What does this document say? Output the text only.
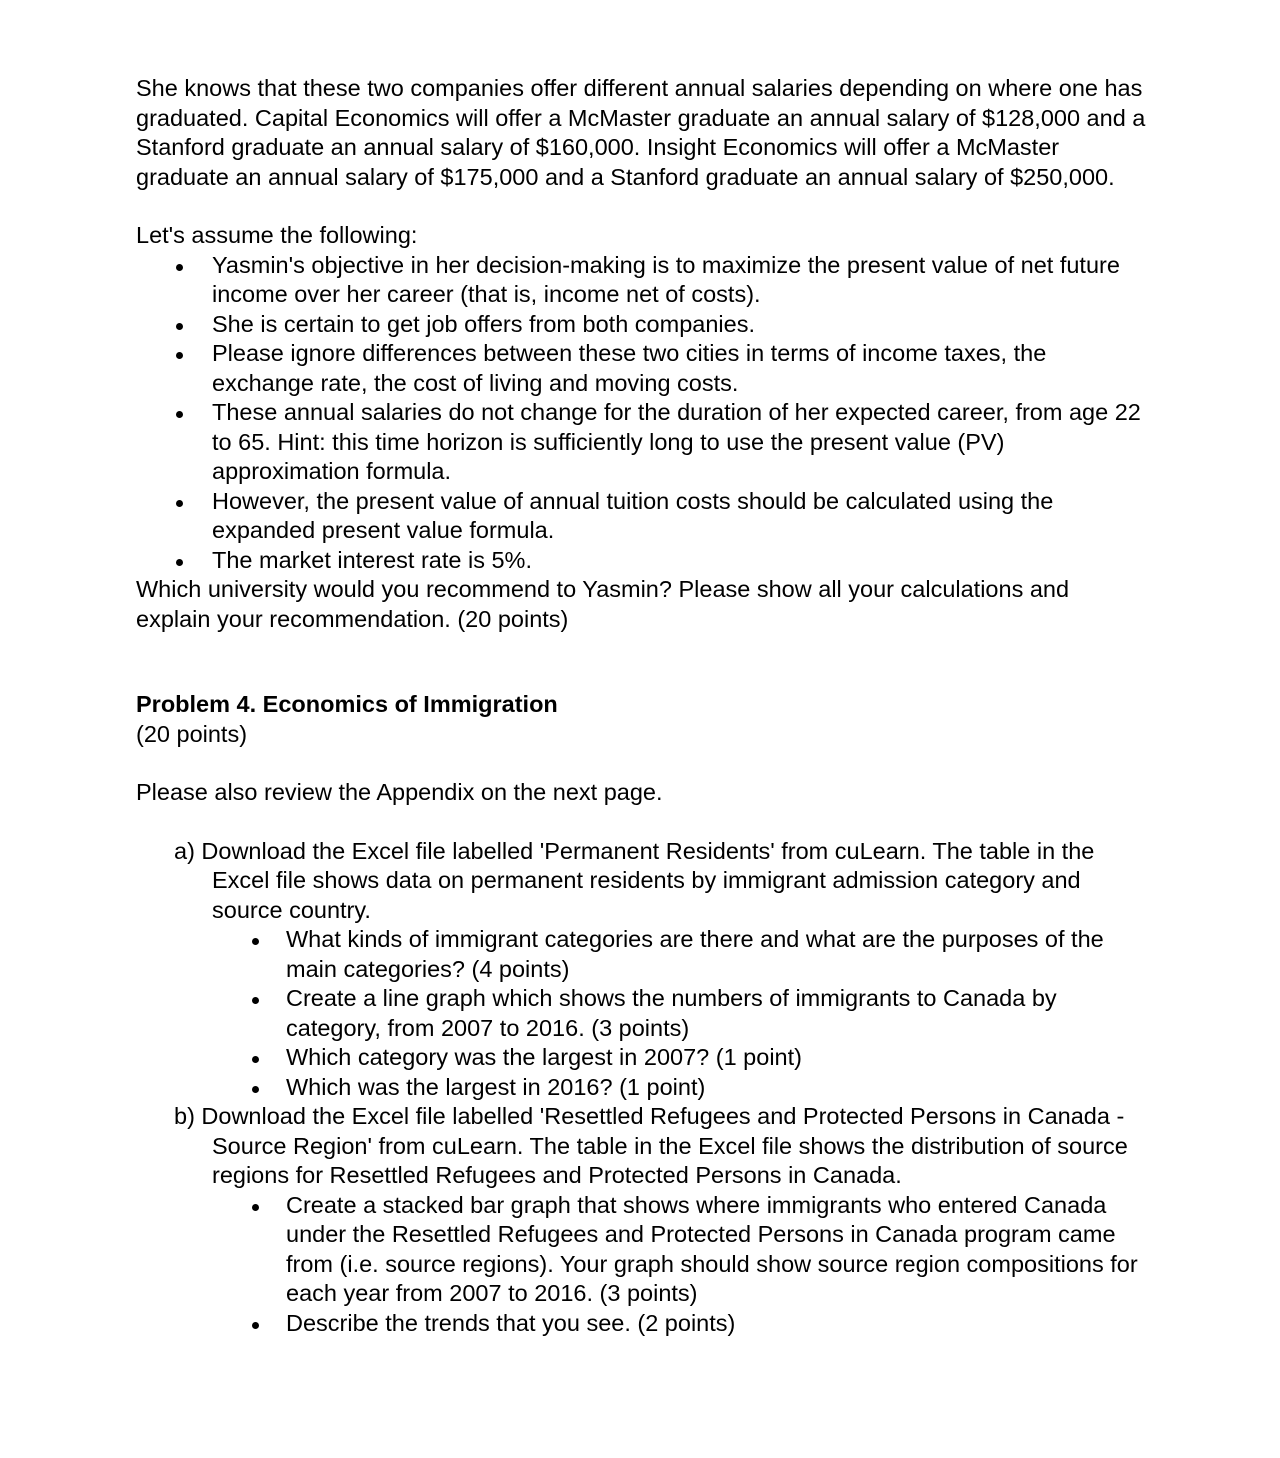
She knows that these two companies offer different annual salaries depending on where one has graduated. Capital Economics will offer a McMaster graduate an annual salary of $128,000 and a Stanford graduate an annual salary of $160,000. Insight Economics will offer a McMaster graduate an annual salary of $175,000 and a Stanford graduate an annual salary of $250,000.

Let's assume the following:

Yasmin's objective in her decision-making is to maximize the present value of net future income over her career (that is, income net of costs).
She is certain to get job offers from both companies.
Please ignore differences between these two cities in terms of income taxes, the exchange rate, the cost of living and moving costs.
These annual salaries do not change for the duration of her expected career, from age 22 to 65. Hint: this time horizon is sufficiently long to use the present value (PV) approximation formula.
However, the present value of annual tuition costs should be calculated using the expanded present value formula.
The market interest rate is 5%.

Which university would you recommend to Yasmin? Please show all your calculations and explain your recommendation. (20 points)

Problem 4. Economics of Immigration

(20 points)

Please also review the Appendix on the next page.

a) Download the Excel file labelled 'Permanent Residents' from cuLearn. The table in the Excel file shows data on permanent residents by immigrant admission category and source country.

What kinds of immigrant categories are there and what are the purposes of the main categories? (4 points)
Create a line graph which shows the numbers of immigrants to Canada by category, from 2007 to 2016. (3 points)
Which category was the largest in 2007? (1 point)
Which was the largest in 2016? (1 point)

b) Download the Excel file labelled 'Resettled Refugees and Protected Persons in Canada - Source Region' from cuLearn. The table in the Excel file shows the distribution of source regions for Resettled Refugees and Protected Persons in Canada.

Create a stacked bar graph that shows where immigrants who entered Canada under the Resettled Refugees and Protected Persons in Canada program came from (i.e. source regions). Your graph should show source region compositions for each year from 2007 to 2016. (3 points)
Describe the trends that you see. (2 points)
